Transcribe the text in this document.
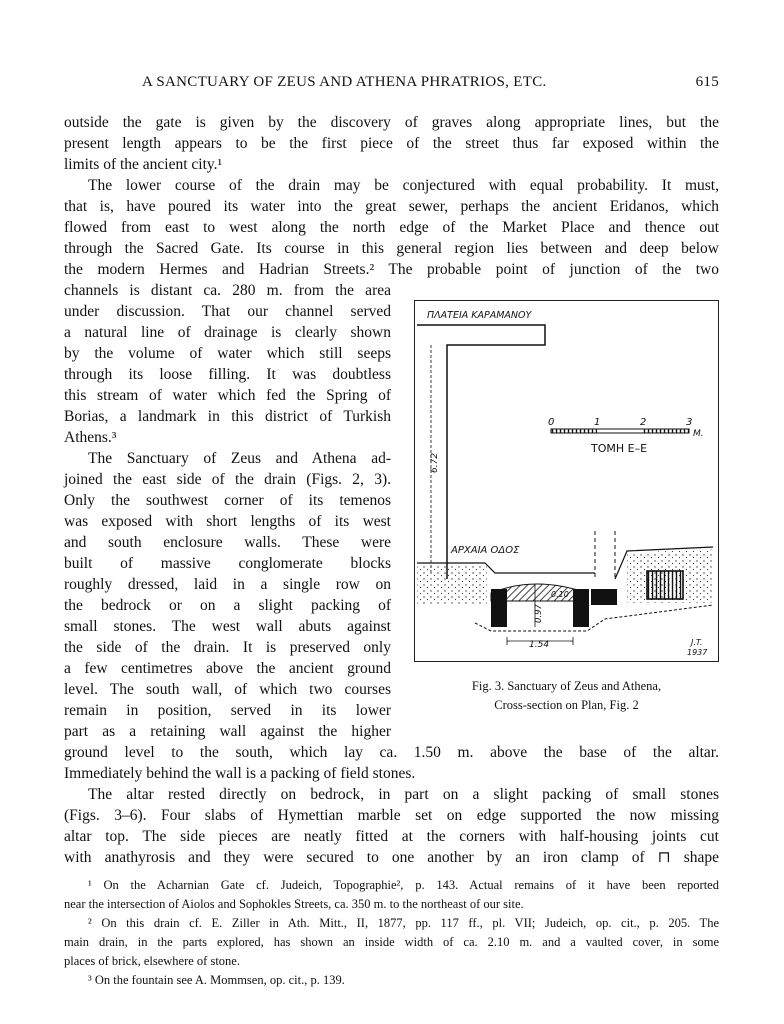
A SANCTUARY OF ZEUS AND ATHENA PHRATRIOS, ETC.	615
outside the gate is given by the discovery of graves along appropriate lines, but the
present length appears to be the first piece of the street thus far exposed within the
limits of the ancient city.¹
The lower course of the drain may be conjectured with equal probability. It must,
that is, have poured its water into the great sewer, perhaps the ancient Eridanos, which
flowed from east to west along the north edge of the Market Place and thence out
through the Sacred Gate. Its course in this general region lies between and deep below
the modern Hermes and Hadrian Streets.² The probable point of junction of the two
channels is distant ca. 280 m. from the area
under discussion. That our channel served
a natural line of drainage is clearly shown
by the volume of water which still seeps
through its loose filling. It was doubtless
this stream of water which fed the Spring of
Borias, a landmark in this district of Turkish
Athens.³
The Sanctuary of Zeus and Athena ad-
joined the east side of the drain (Figs. 2, 3).
Only the southwest corner of its temenos
was exposed with short lengths of its west
and south enclosure walls. These were
built of massive conglomerate blocks
roughly dressed, laid in a single row on
the bedrock or on a slight packing of
small stones. The west wall abuts against
the side of the drain. It is preserved only
a few centimetres above the ancient ground
level. The south wall, of which two courses
remain in position, served in its lower
part as a retaining wall against the higher
ground level to the south, which lay ca. 1.50 m. above the base of the altar.
Immediately behind the wall is a packing of field stones.
The altar rested directly on bedrock, in part on a slight packing of small stones
(Figs. 3–6). Four slabs of Hymettian marble set on edge supported the now missing
altar top. The side pieces are neatly fitted at the corners with half-housing joints cut
with anathyrosis and they were secured to one another by an iron clamp of ⊓ shape
ΠΛΑΤΕΙΑ ΚΑΡΑΜΑΝΟΥ
6.72
0	1	2	3
M.
ΤΟΜΗ Ε–Ε
ΑΡΧΑΙΑ ΟΔΟΣ
0.97
0.10
1.54	J.T.
1937
Fig. 3. Sanctuary of Zeus and Athena,
Cross-section on Plan, Fig. 2
¹ On the Acharnian Gate cf. Judeich, Topographie², p. 143. Actual remains of it have been reported
near the intersection of Aiolos and Sophokles Streets, ca. 350 m. to the northeast of our site.
² On this drain cf. E. Ziller in Ath. Mitt., II, 1877, pp. 117 ff., pl. VII; Judeich, op. cit., p. 205. The
main drain, in the parts explored, has shown an inside width of ca. 2.10 m. and a vaulted cover, in some
places of brick, elsewhere of stone.
³ On the fountain see A. Mommsen, op. cit., p. 139.
